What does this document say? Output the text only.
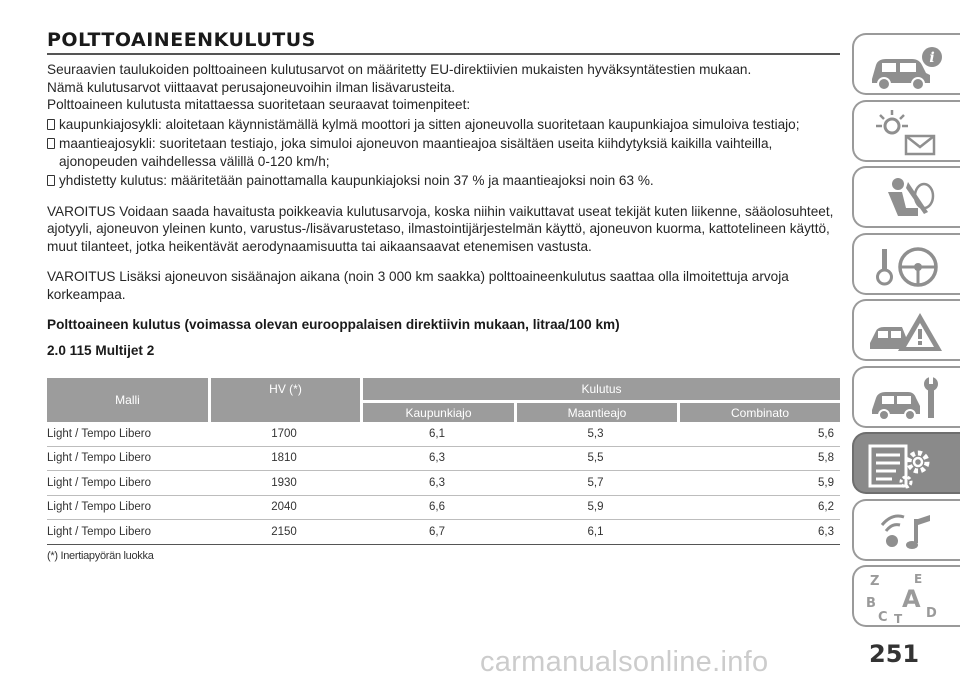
POLTTOAINEENKULUTUS
Seuraavien taulukoiden polttoaineen kulutusarvot on määritetty EU-direktiivien mukaisten hyväksyntätestien mukaan.
Nämä kulutusarvot viittaavat perusajoneuvoihin ilman lisävarusteita.
Polttoaineen kulutusta mitattaessa suoritetaan seuraavat toimenpiteet:
kaupunkiajosykli: aloitetaan käynnistämällä kylmä moottori ja sitten ajoneuvolla suoritetaan kaupunkiajoa simuloiva testiajo;
maantieajosykli: suoritetaan testiajo, joka simuloi ajoneuvon maantieajoa sisältäen useita kiihdytyksiä kaikilla vaihteilla, ajonopeuden vaihdellessa välillä 0-120 km/h;
yhdistetty kulutus: määritetään painottamalla kaupunkiajoksi noin 37 % ja maantieajoksi noin 63 %.
VAROITUS Voidaan saada havaitusta poikkeavia kulutusarvoja, koska niihin vaikuttavat useat tekijät kuten liikenne, sääolosuhteet, ajotyyli, ajoneuvon yleinen kunto, varustus-/lisävarustetaso, ilmastointijärjestelmän käyttö, ajoneuvon kuorma, kattotelineen käyttö, muut tilanteet, jotka heikentävät aerodynaamisuutta tai aikaansaavat etenemisen vastusta.
VAROITUS Lisäksi ajoneuvon sisäänajon aikana (noin 3 000 km saakka) polttoaineenkulutus saattaa olla ilmoitettuja arvoja korkeampaa.
Polttoaineen kulutus (voimassa olevan eurooppalaisen direktiivin mukaan, litraa/100 km)
2.0 115 Multijet 2
Malli	HV (*)	Kulutus		
		Kaupunkiajo	Maantieajo	Combinato
Light / Tempo Libero	1700	6,1	5,3	5,6
Light / Tempo Libero	1810	6,3	5,5	5,8
Light / Tempo Libero	1930	6,3	5,7	5,9
Light / Tempo Libero	2040	6,6	5,9	6,2
Light / Tempo Libero	2150	6,7	6,1	6,3
(*) Inertiapyörän luokka
i
Z	E
A
B
C T D
251
carmanualsonline.info
